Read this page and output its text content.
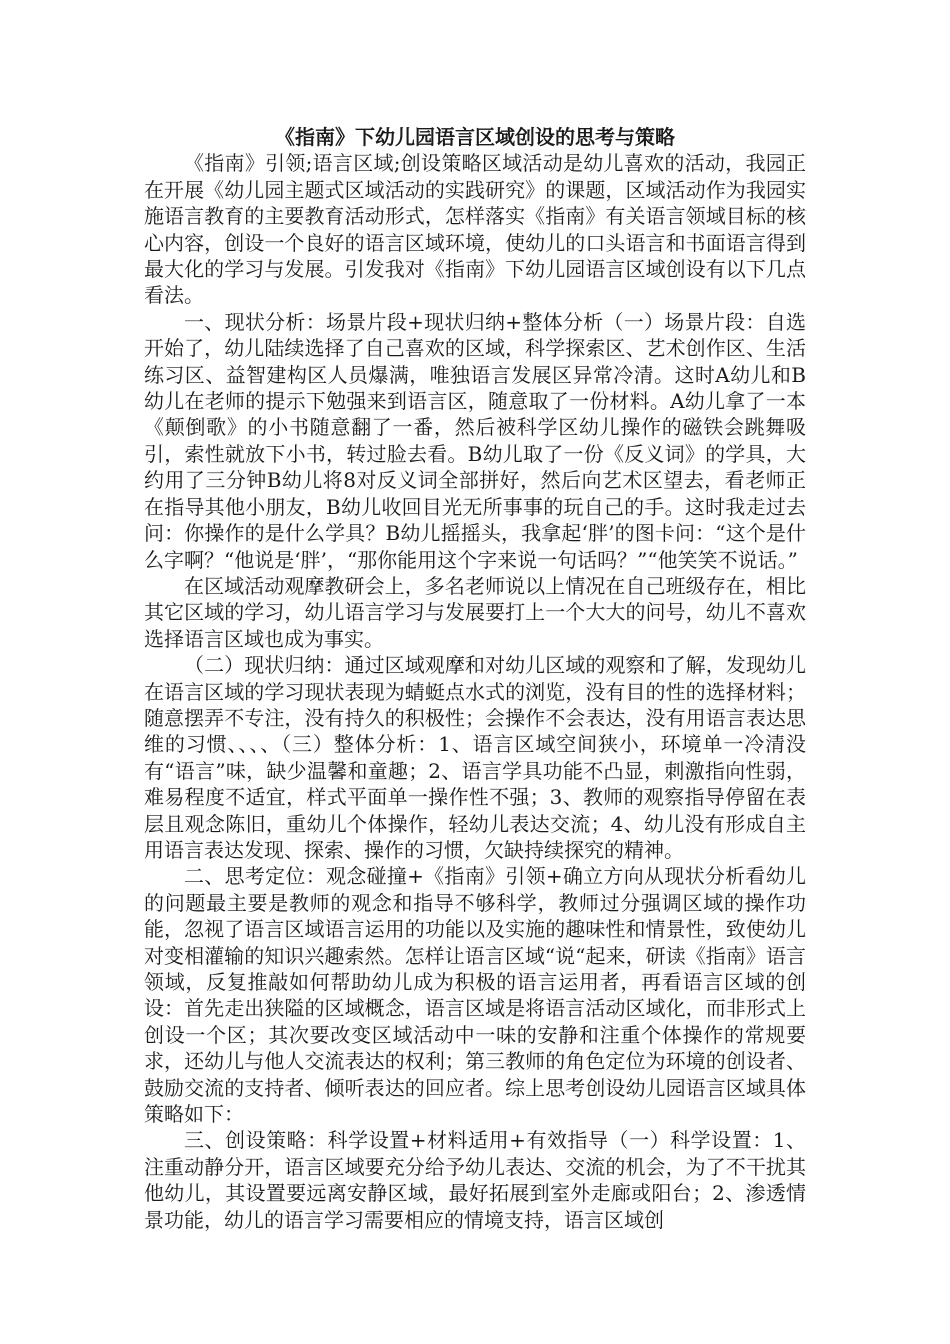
《指南》下幼儿园语言区域创设的思考与策略

《指南》引领;语言区域;创设策略区域活动是幼儿喜欢的活动，我园正在开展《幼儿园主题式区域活动的实践研究》的课题，区域活动作为我园实施语言教育的主要教育活动形式，怎样落实《指南》有关语言领域目标的核心内容，创设一个良好的语言区域环境，使幼儿的口头语言和书面语言得到最大化的学习与发展。引发我对《指南》下幼儿园语言区域创设有以下几点看法。

一、现状分析：场景片段+现状归纳+整体分析（一）场景片段：自选开始了，幼儿陆续选择了自己喜欢的区域，科学探索区、艺术创作区、生活练习区、益智建构区人员爆满，唯独语言发展区异常冷清。这时A幼儿和B幼儿在老师的提示下勉强来到语言区，随意取了一份材料。A幼儿拿了一本《颠倒歌》的小书随意翻了一番，然后被科学区幼儿操作的磁铁会跳舞吸引，索性就放下小书，转过脸去看。B幼儿取了一份《反义词》的学具，大约用了三分钟B幼儿将8对反义词全部拼好，然后向艺术区望去，看老师正在指导其他小朋友，B幼儿收回目光无所事事的玩自己的手。这时我走过去问：你操作的是什么学具？B幼儿摇摇头，我拿起‘胖’的图卡问：“这个是什么字啊？“他说是‘胖’，“那你能用这个字来说一句话吗？”“他笑笑不说话。”

在区域活动观摩教研会上，多名老师说以上情况在自己班级存在，相比其它区域的学习，幼儿语言学习与发展要打上一个大大的问号，幼儿不喜欢选择语言区域也成为事实。

（二）现状归纳：通过区域观摩和对幼儿区域的观察和了解，发现幼儿在语言区域的学习现状表现为蜻蜓点水式的浏览，没有目的性的选择材料；随意摆弄不专注，没有持久的积极性；会操作不会表达，没有用语言表达思维的习惯、、、、（三）整体分析：1、语言区域空间狭小，环境单一冷清没有“语言”味，缺少温馨和童趣；2、语言学具功能不凸显，刺激指向性弱，难易程度不适宜，样式平面单一操作性不强；3、教师的观察指导停留在表层且观念陈旧，重幼儿个体操作，轻幼儿表达交流；4、幼儿没有形成自主用语言表达发现、探索、操作的习惯，欠缺持续探究的精神。

二、思考定位：观念碰撞+《指南》引领+确立方向从现状分析看幼儿的问题最主要是教师的观念和指导不够科学，教师过分强调区域的操作功能，忽视了语言区域语言运用的功能以及实施的趣味性和情景性，致使幼儿对变相灌输的知识兴趣索然。怎样让语言区域“说“起来，研读《指南》语言领域，反复推敲如何帮助幼儿成为积极的语言运用者，再看语言区域的创设：首先走出狭隘的区域概念，语言区域是将语言活动区域化，而非形式上创设一个区；其次要改变区域活动中一味的安静和注重个体操作的常规要求，还幼儿与他人交流表达的权利；第三教师的角色定位为环境的创设者、鼓励交流的支持者、倾听表达的回应者。综上思考创设幼儿园语言区域具体策略如下：

三、创设策略：科学设置+材料适用+有效指导（一）科学设置：1、注重动静分开，语言区域要充分给予幼儿表达、交流的机会，为了不干扰其他幼儿，其设置要远离安静区域，最好拓展到室外走廊或阳台；2、渗透情景功能，幼儿的语言学习需要相应的情境支持，语言区域创
